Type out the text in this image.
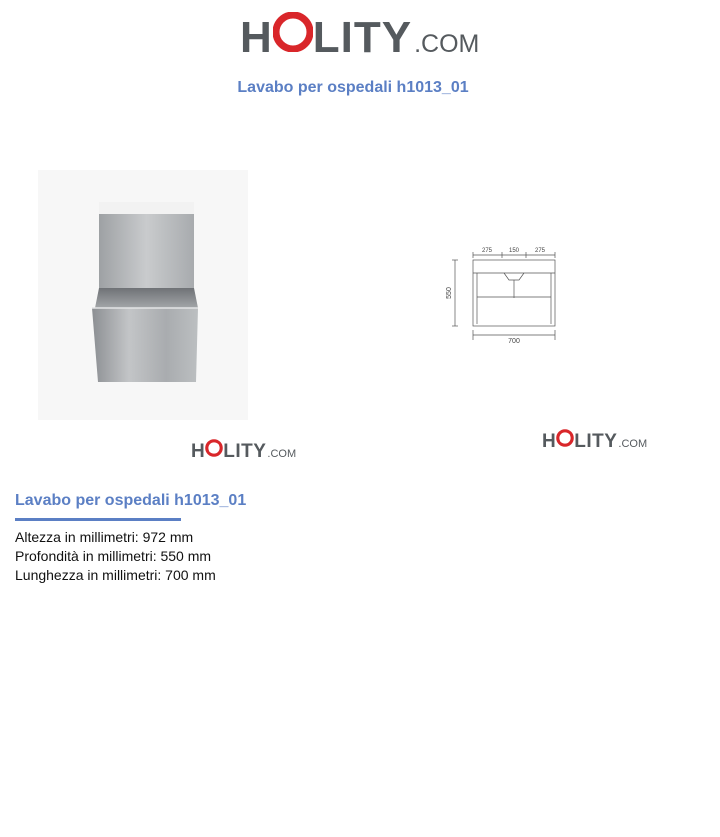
H LITY .COM
Lavabo per ospedali h1013_01
H LITY .COM
275	150	275
550
700
H LITY .COM
Lavabo per ospedali h1013_01
Altezza in millimetri: 972 mm
Profondità in millimetri: 550 mm
Lunghezza in millimetri: 700 mm
